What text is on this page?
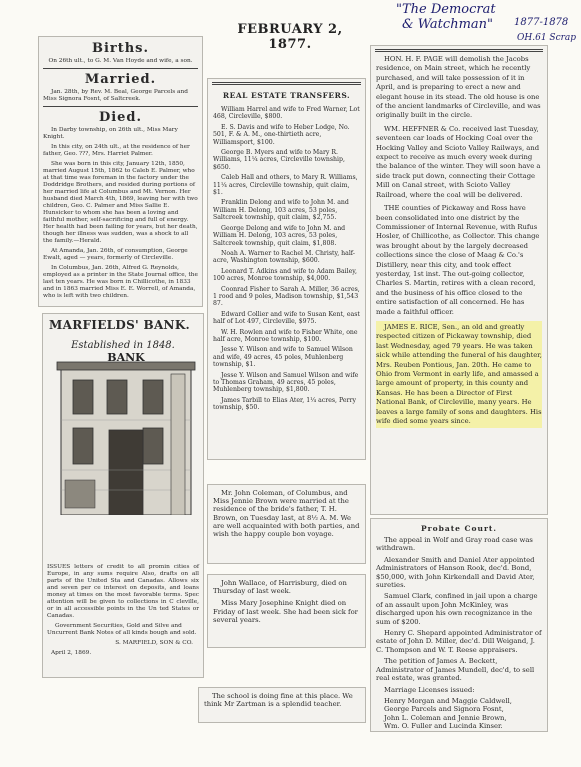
"The Democrat
& Watchman" 1877-1878
OH.61 Scrap
FEBRUARY 2, 1877.
Births.

On 26th ult., to G. M. Van Hoyde and wife, a son.

Married.

Jan. 28th, by Rev. M. Beal, George Parcels and Miss Signora Fosnt, of Saltcreek.

Died.

In Darby township, on 26th ult., Miss Mary Knight.

In this city, on 24th ult., at the residence of her father, Geo. ???, Mrs. Harriet Palmer.

She was born in this city, January 12th, 1850, married August 15th, 1862 to Caleb E. Palmer, who at that time was foreman in the factory under the Doddridge Brothers, and resided during portions of her married life at Columbus and Mt. Vernon. Her husband died March 4th, 1869, leaving her with two children, Geo. C. Palmer and Miss Sallie E. Hunsicker to whom she has been a loving and faithful mother, self-sacrificing and full of energy. Her health had been failing for years, but her death, though her illness was sudden, was a shock to all the family.—Herald.

At Amanda, Jan. 26th, of consumption, George Ewalt, aged — years, formerly of Circleville.

In Columbus, Jan. 26th, Alfred G. Reynolds, employed as a printer in the State Journal office, the last ten years. He was born in Chillicothe, in 1833 and in 1863 married Miss E. E. Worrell, of Amanda, who is left with two children.

MARFIELDS' BANK.
Established in 1848.
BANK

ISSUES letters of credit to all promin cities of Europe, in any sums require Also, drafts on all parts of the United Sta and Canadas. Allows six and seven per ce interest on deposits, and loans money at times on the most favorable terms. Spec attention will be given to collections in C cleville, or in all accessible points in the Un ted States or Canadas.

Government Securities, Gold and Silve and Uncurrent Bank Notes of all kinds bough and sold.

S. MARFIELD, SON & CO.

April 2, 1869.

REAL ESTATE TRANSFERS.

William Harrel and wife to Fred Warner, Lot 468, Circleville, $800.

E. S. Davis and wife to Heber Lodge, No. 501, F. & A. M., one-thirtieth acre, Williamsport, $100.

George B. Myers and wife to Mary R. Williams, 11¼ acres, Circleville township, $650.

Caleb Hall and others, to Mary R. Williams, 11¼ acres, Circleville township, quit claim, $1.

Franklin Delong and wife to John M. and William H. Delong, 103 acres, 53 poles, Saltcreek township, quit claim, $2,755.

George Delong and wife to John M. and William H. Delong, 103 acres, 53 poles, Saltcreek township, quit claim, $1,808.

Noah A. Warner to Rachel M. Christy, half-acre, Washington township, $600.

Leonard T. Adkins and wife to Adam Bailey, 100 acres, Monroe township, $4,000.

Coonrad Fisher to Sarah A. Miller, 36 acres, 1 rood and 9 poles, Madison township, $1,543 87.

Edward Collier and wife to Susan Kent, east half of Lot 497, Circleville, $975.

W. H. Rowlen and wife to Fisher White, one half acre, Monroe township, $100.

Jesse Y. Wilson and wife to Samuel Wilson and wife, 49 acres, 45 poles, Muhlenberg township, $1.

Jesse Y. Wilson and Samuel Wilson and wife to Thomas Graham, 49 acres, 45 poles, Muhlenberg township, $1,800.

James Tarbill to Elias Ater, 1¼ acres, Perry township, $50.

Mr. John Coleman, of Columbus, and Miss Jennie Brown were married at the residence of the bride's father, T. H. Brown, on Tuesday last, at 8½ A. M. We are well acquainted with both parties, and wish the happy couple bon voyage.

John Wallace, of Harrisburg, died on Thursday of last week.

Miss Mary Josephine Knight died on Friday of last week. She had been sick for several years.

The school is doing fine at this place. We think Mr Zartman is a splendid teacher.

HON. H. F. PAGE will demolish the Jacobs residence, on Main street, which he recently purchased, and will take possession of it in April, and is preparing to erect a new and elegant house in its stead. The old house is one of the ancient landmarks of Circleville, and was originally built in the circle.

WM. HEFFNER & Co. received last Tuesday, seventeen car loads of Hocking Coal over the Hocking Valley and Scioto Valley Railways, and expect to receive as much every week during the balance of the winter. They will soon have a side track put down, connecting their Cottage Mill on Canal street, with Scioto Valley Railroad, where the coal will be delivered.

THE counties of Pickaway and Ross have been consolidated into one district by the Commissioner of Internal Revenue, with Rufus Hosler, of Chillicothe, as Collector. This change was brought about by the largely decreased collections since the close of Maag & Co.'s Distillery, near this city, and took effect yesterday, 1st inst. The out-going collector, Charles S. Martin, retires with a clean record, and the business of his office closed to the entire satisfaction of all concerned. He has made a faithful officer.

JAMES E. RICE, Sen., an old and greatly respected citizen of Pickaway township, died last Wednesday, aged 79 years. He was taken sick while attending the funeral of his daughter, Mrs. Reuben Pontious, Jan. 20th. He came to Ohio from Vermont in early life, and amassed a large amount of property, in this county and Kansas. He has been a Director of First National Bank, of Circleville, many years. He leaves a large family of sons and daughters. His wife died some years since.

Probate Court.

The appeal in Wolf and Gray road case was withdrawn.

Alexander Smith and Daniel Ater appointed Administrators of Hanson Rook, dec'd. Bond, $50,000, with John Kirkendall and David Ater, sureties.

Samuel Clark, confined in jail upon a charge of an assault upon John McKinley, was discharged upon his own recognizance in the sum of $200.

Henry C. Shepard appointed Administrator of estate of John D. Miller, dec'd. Dill Weigand, J. C. Thompson and W. T. Reese appraisers.

The petition of James A. Beckett, Administrator of James Mundell, dec'd, to sell real estate, was granted.

Marriage Licenses issued:

Henry Morgan and Maggie Caldwell,

George Parcels and Signora Fosnt,

John L. Coleman and Jennie Brown,

Wm. O. Fuller and Lucinda Kinser.
